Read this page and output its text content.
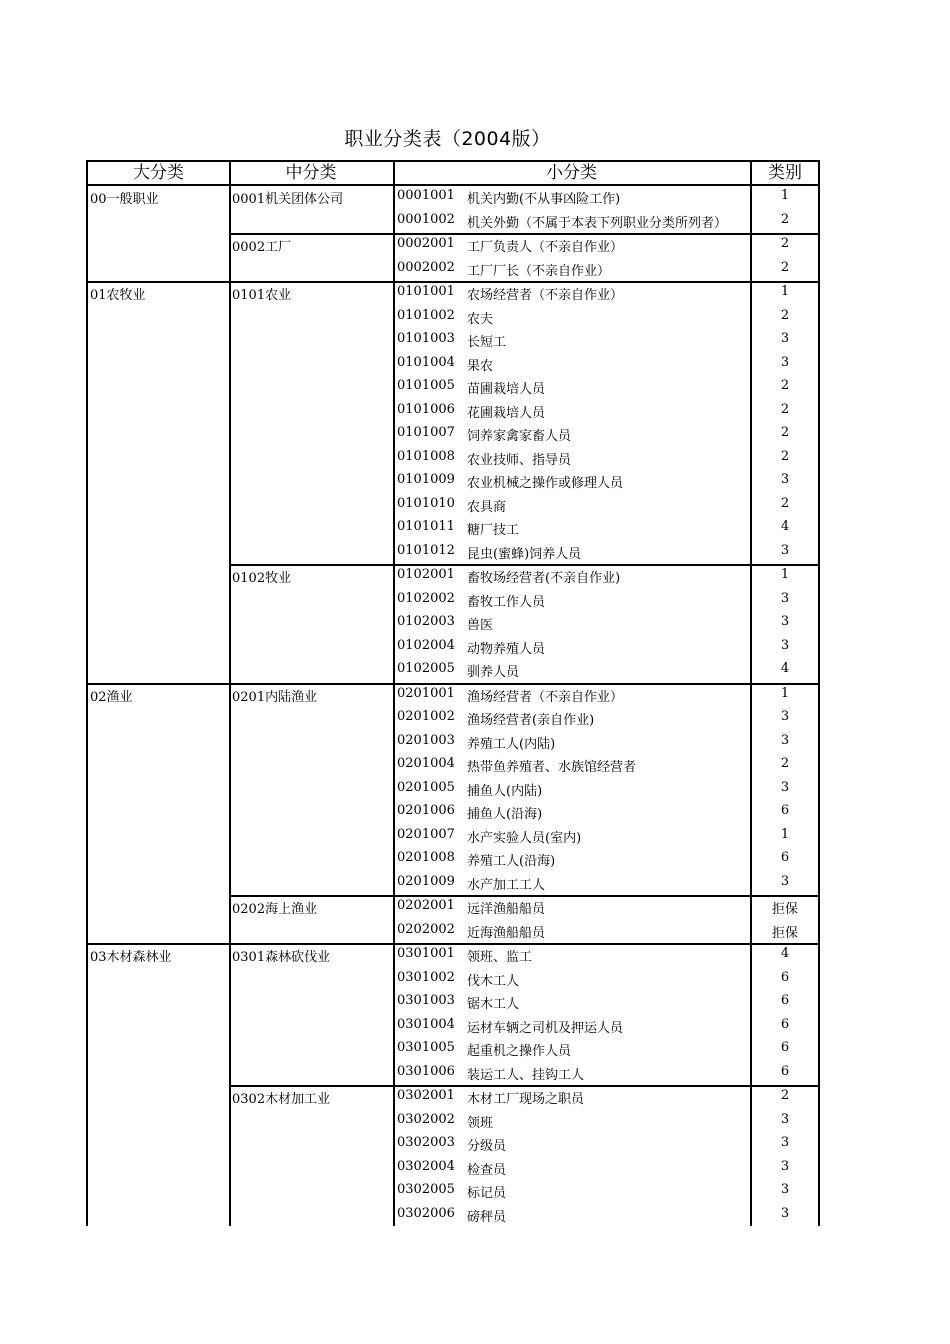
职业分类表（2004版）
大分类	中分类	小分类	类别
00一般职业	0001机关团体公司	0001001 机关内勤(不从事凶险工作)	1
0001002 机关外勤（不属于本表下列职业分类所列者）	2
0002工厂	0002001 工厂负责人（不亲自作业）	2
0002002 工厂厂长（不亲自作业）	2
01农牧业	0101农业	0101001 农场经营者（不亲自作业）	1
0101002 农夫	2
0101003 长短工	3
0101004 果农	3
0101005 苗圃栽培人员	2
0101006 花圃栽培人员	2
0101007 饲养家禽家畜人员	2
0101008 农业技师、指导员	2
0101009 农业机械之操作或修理人员	3
0101010 农具商	2
0101011 糖厂技工	4
0101012 昆虫(蜜蜂)饲养人员	3
0102牧业	0102001 畜牧场经营者(不亲自作业)	1
0102002 畜牧工作人员	3
0102003 兽医	3
0102004 动物养殖人员	3
0102005 驯养人员	4
02渔业	0201内陆渔业	0201001 渔场经营者（不亲自作业）	1
0201002 渔场经营者(亲自作业)	3
0201003 养殖工人(内陆)	3
0201004 热带鱼养殖者、水族馆经营者	2
0201005 捕鱼人(内陆)	3
0201006 捕鱼人(沿海)	6
0201007 水产实验人员(室内)	1
0201008 养殖工人(沿海)	6
0201009 水产加工工人	3
0202海上渔业	0202001 远洋渔船船员	拒保
0202002 近海渔船船员	拒保
03木材森林业	0301森林砍伐业	0301001 领班、监工	4
0301002 伐木工人	6
0301003 锯木工人	6
0301004 运材车辆之司机及押运人员	6
0301005 起重机之操作人员	6
0301006 装运工人、挂钩工人	6
0302木材加工业	0302001 木材工厂现场之职员	2
0302002 领班	3
0302003 分级员	3
0302004 检查员	3
0302005 标记员	3
0302006 磅秤员	3
